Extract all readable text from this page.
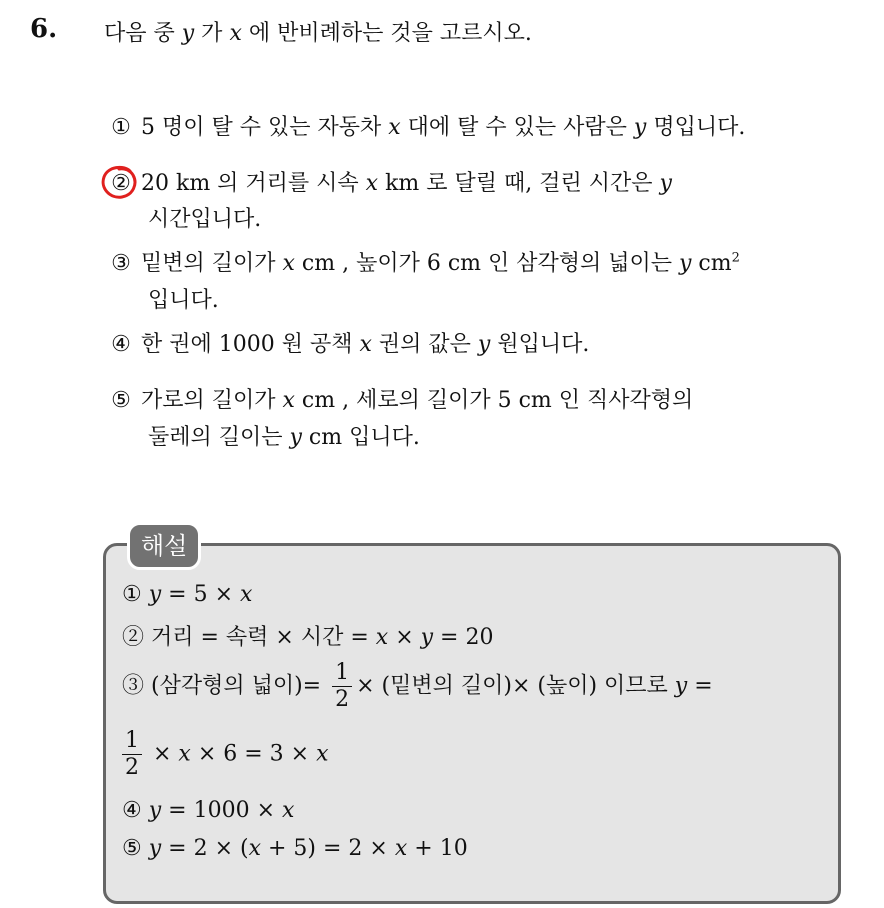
6. 다음 중 y 가 x 에 반비례하는 것을 고르시오.
① 5 명이 탈 수 있는 자동차 x 대에 탈 수 있는 사람은 y 명입니다.
② 20 km 의 거리를 시속 x km 로 달릴 때, 걸린 시간은 y
시간입니다.
③ 밑변의 길이가 x cm , 높이가 6 cm 인 삼각형의 넓이는 y $cm^2$
입니다.
④ 한 권에 1000 원 공책 x 권의 값은 y 원입니다.
⑤ 가로의 길이가 x cm , 세로의 길이가 5 cm 인 직사각형의
둘레의 길이는 y cm 입니다.
해설
① y = 5 × x
② 거리 = 속력 × 시간 = x × y = 20
③ (삼각형의 넓이)= $\frac{1}{2}$ × (밑변의 길이)× (높이) 이므로 y =
$\frac{1}{2} \times x \times 6 = 3 \times x$
④ y = 1000 × x
⑤ y = 2 × (x + 5) = 2 × x + 10
